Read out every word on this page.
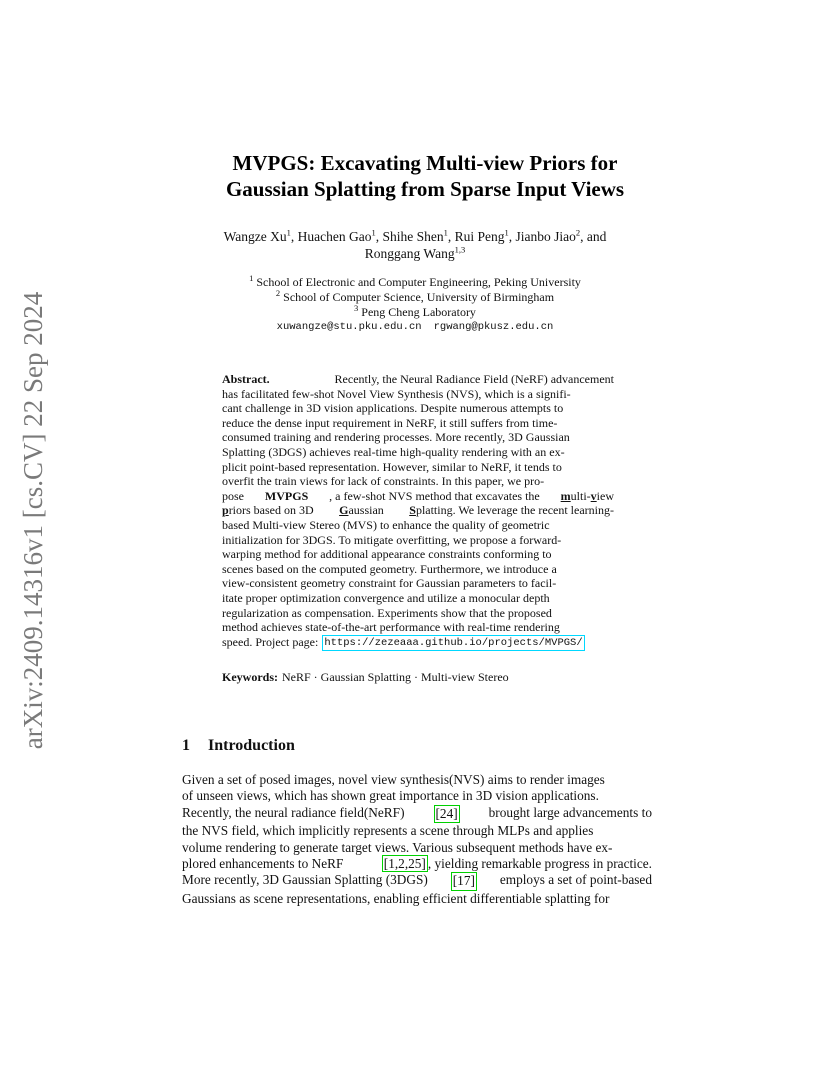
arXiv:2409.14316v1 [cs.CV] 22 Sep 2024
MVPGS: Excavating Multi-view Priors for
Gaussian Splatting from Sparse Input Views
Wangze Xu$^1$, Huachen Gao$^1$, Shihe Shen$^1$, Rui Peng$^1$, Jianbo Jiao$^2$, and
Ronggang Wang$^{1,3}$
$^1$ School of Electronic and Computer Engineering, Peking University
$^2$ School of Computer Science, University of Birmingham
$^3$ Peng Cheng Laboratory
xuwangze@stu.pku.edu.cn rgwang@pkusz.edu.cn
Abstract.	Recently, the Neural Radiance Field (NeRF) advancement
has facilitated few-shot Novel View Synthesis (NVS), which is a signifi-
cant challenge in 3D vision applications. Despite numerous attempts to
reduce the dense input requirement in NeRF, it still suffers from time-
consumed training and rendering processes. More recently, 3D Gaussian
Splatting (3DGS) achieves real-time high-quality rendering with an ex-
plicit point-based representation. However, similar to NeRF, it tends to
overfit the train views for lack of constraints. In this paper, we pro-
pose MVPGS , a few-shot NVS method that excavates the multi-view
priors based on 3D Gaussian Splatting. We leverage the recent learning-
based Multi-view Stereo (MVS) to enhance the quality of geometric
initialization for 3DGS. To mitigate overfitting, we propose a forward-
warping method for additional appearance constraints conforming to
scenes based on the computed geometry. Furthermore, we introduce a
view-consistent geometry constraint for Gaussian parameters to facil-
itate proper optimization convergence and utilize a monocular depth
regularization as compensation. Experiments show that the proposed
method achieves state-of-the-art performance with real-time rendering
speed. Project page: https://zezeaaa.github.io/projects/MVPGS/
Keywords: NeRF · Gaussian Splatting · Multi-view Stereo
1 Introduction
Given a set of posed images, novel view synthesis(NVS) aims to render images
of unseen views, which has shown great importance in 3D vision applications.
Recently, the neural radiance field(NeRF) [24] brought large advancements to
the NVS field, which implicitly represents a scene through MLPs and applies
volume rendering to generate target views. Various subsequent methods have ex-
plored enhancements to NeRF	[1,2,25] , yielding remarkable progress in practice.
More recently, 3D Gaussian Splatting (3DGS) [17] employs a set of point-based
Gaussians as scene representations, enabling efficient differentiable splatting for
